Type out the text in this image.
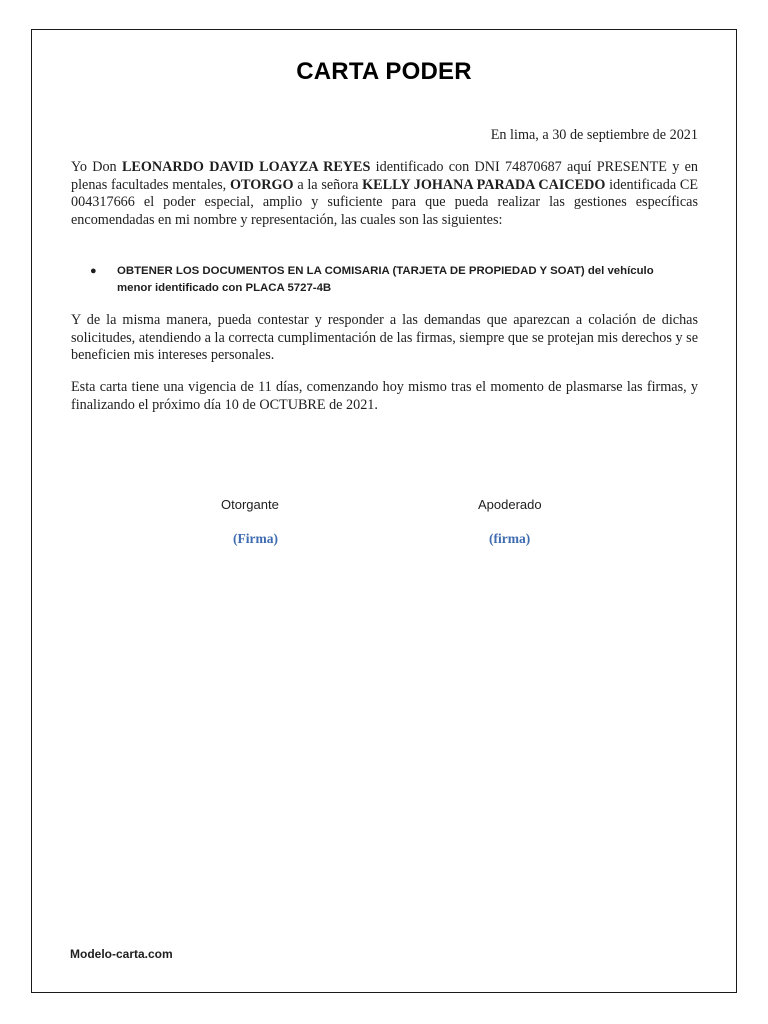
CARTA PODER
En lima, a 30 de septiembre de 2021

Yo Don LEONARDO DAVID LOAYZA REYES identificado con DNI 74870687 aquí PRESENTE y en plenas facultades mentales, OTORGO a la señora KELLY JOHANA PARADA CAICEDO identificada CE 004317666 el poder especial, amplio y suficiente para que pueda realizar las gestiones específicas encomendadas en mi nombre y representación, las cuales son las siguientes:

● OBTENER LOS DOCUMENTOS EN LA COMISARIA (TARJETA DE PROPIEDAD Y SOAT) del vehículo menor identificado con PLACA 5727-4B

Y de la misma manera, pueda contestar y responder a las demandas que aparezcan a colación de dichas solicitudes, atendiendo a la correcta cumplimentación de las firmas, siempre que se protejan mis derechos y se beneficien mis intereses personales.

Esta carta tiene una vigencia de 11 días, comenzando hoy mismo tras el momento de plasmarse las firmas, y finalizando el próximo día 10 de OCTUBRE de 2021.

Otorgante	Apoderado
(Firma)	(firma)
Modelo-carta.com
